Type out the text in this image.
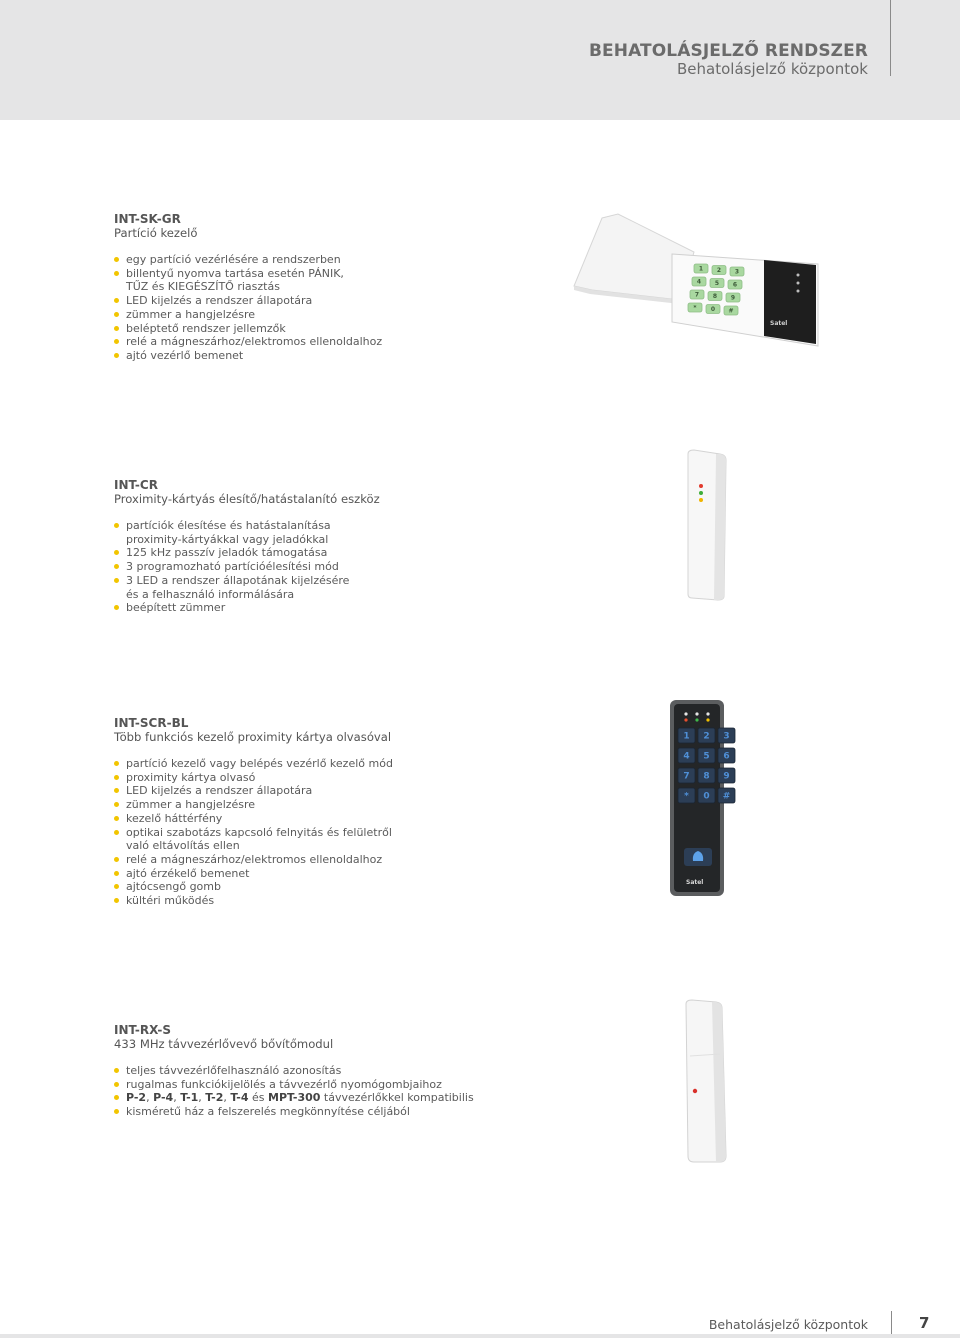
BEHATOLÁSJELZŐ RENDSZER
Behatolásjelző központok
INT-SK-GR
Partíció kezelő
egy partíció vezérlésére a rendszerben
billentyű nyomva tartása esetén PÁNIK,
TŰZ és KIEGÉSZÍTŐ riasztás
LED kijelzés a rendszer állapotára
zümmer a hangjelzésre
beléptető rendszer jellemzők
relé a mágneszárhoz/elektromos ellenoldalhoz
ajtó vezérlő bemenet
Satel
1 2 3
4 5 6
7 8 9
* 0 #
INT-CR
Proximity-kártyás élesítő/hatástalanító eszköz
partíciók élesítése és hatástalanítása
proximity-kártyákkal vagy jeladókkal
125 kHz passzív jeladók támogatása
3 programozható partícióélesítési mód
3 LED a rendszer állapotának kijelzésére
és a felhasználó informálására
beépített zümmer
INT-SCR-BL
Több funkciós kezelő proximity kártya olvasóval
partíció kezelő vagy belépés vezérlő kezelő mód
proximity kártya olvasó
LED kijelzés a rendszer állapotára
zümmer a hangjelzésre
kezelő háttérfény
optikai szabotázs kapcsoló felnyitás és felületről
való eltávolítás ellen
relé a mágneszárhoz/elektromos ellenoldalhoz
ajtó érzékelő bemenet
ajtócsengő gomb
kültéri működés
1 2 3
4 5 6
7 8 9
* 0 #
Satel
INT-RX-S
433 MHz távvezérlővevő bővítőmodul
teljes távvezérlőfelhasználó azonosítás
rugalmas funkciókijelölés a távvezérlő nyomógombjaihoz
P-2, P-4, T-1, T-2, T-4 és MPT-300 távvezérlőkkel kompatibilis
kisméretű ház a felszerelés megkönnyítése céljából
Behatolásjelző központok	7
